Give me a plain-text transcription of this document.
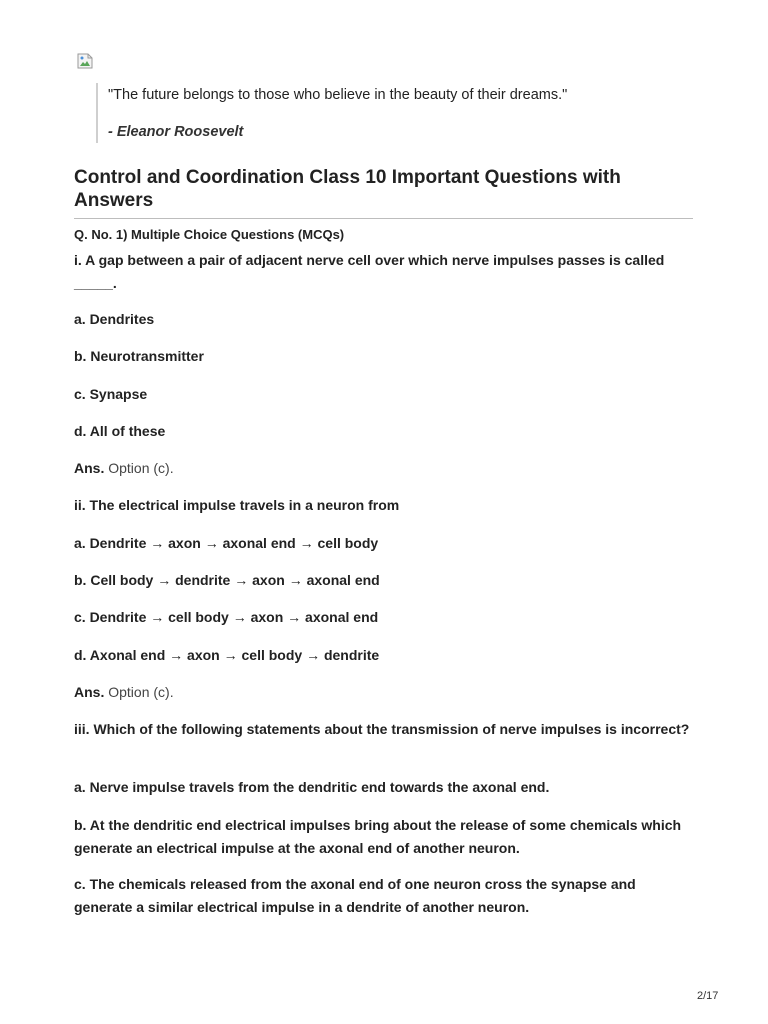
"The future belongs to those who believe in the beauty of their dreams."
- Eleanor Roosevelt
Control and Coordination Class 10 Important Questions with Answers
Q. No. 1) Multiple Choice Questions (MCQs)
i. A gap between a pair of adjacent nerve cell over which nerve impulses passes is called _____.
a. Dendrites
b. Neurotransmitter
c. Synapse
d. All of these
Ans. Option (c).
ii. The electrical impulse travels in a neuron from
a. Dendrite → axon → axonal end → cell body
b. Cell body → dendrite → axon → axonal end
c. Dendrite → cell body → axon → axonal end
d. Axonal end → axon → cell body → dendrite
Ans. Option (c).
iii. Which of the following statements about the transmission of nerve impulses is incorrect?
a. Nerve impulse travels from the dendritic end towards the axonal end.
b. At the dendritic end electrical impulses bring about the release of some chemicals which generate an electrical impulse at the axonal end of another neuron.
c. The chemicals released from the axonal end of one neuron cross the synapse and generate a similar electrical impulse in a dendrite of another neuron.
2/17
